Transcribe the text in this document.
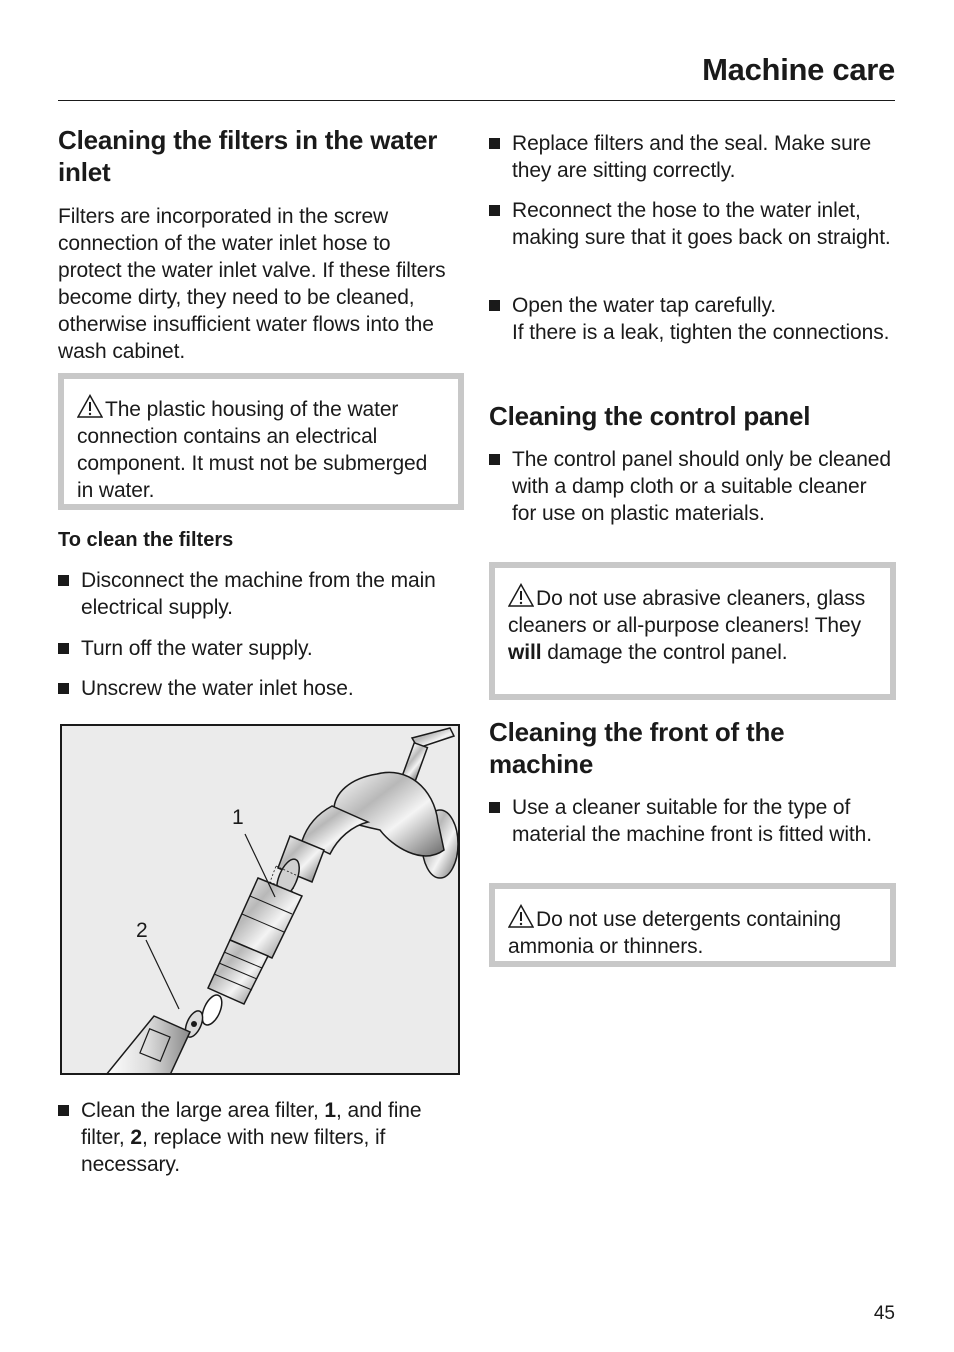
Machine care
Cleaning the filters in the water inlet

Filters are incorporated in the screw connection of the water inlet hose to protect the water inlet valve. If these filters become dirty, they need to be cleaned, otherwise insufficient water flows into the wash cabinet.

The plastic housing of the water connection contains an electrical component. It must not be submerged in water.
To clean the filters
Disconnect the machine from the main electrical supply.
Turn off the water supply.
Unscrew the water inlet hose.
1
2
Clean the large area filter, 1, and fine filter, 2, replace with new filters, if necessary.
Replace filters and the seal. Make sure they are sitting correctly.
Reconnect the hose to the water inlet, making sure that it goes back on straight.
Open the water tap carefully.
If there is a leak, tighten the connections.
Cleaning the control panel
The control panel should only be cleaned with a damp cloth or a suitable cleaner for use on plastic materials.
Do not use abrasive cleaners, glass cleaners or all-purpose cleaners! They will damage the control panel.
Cleaning the front of the machine
Use a cleaner suitable for the type of material the machine front is fitted with.
Do not use detergents containing ammonia or thinners.
45
